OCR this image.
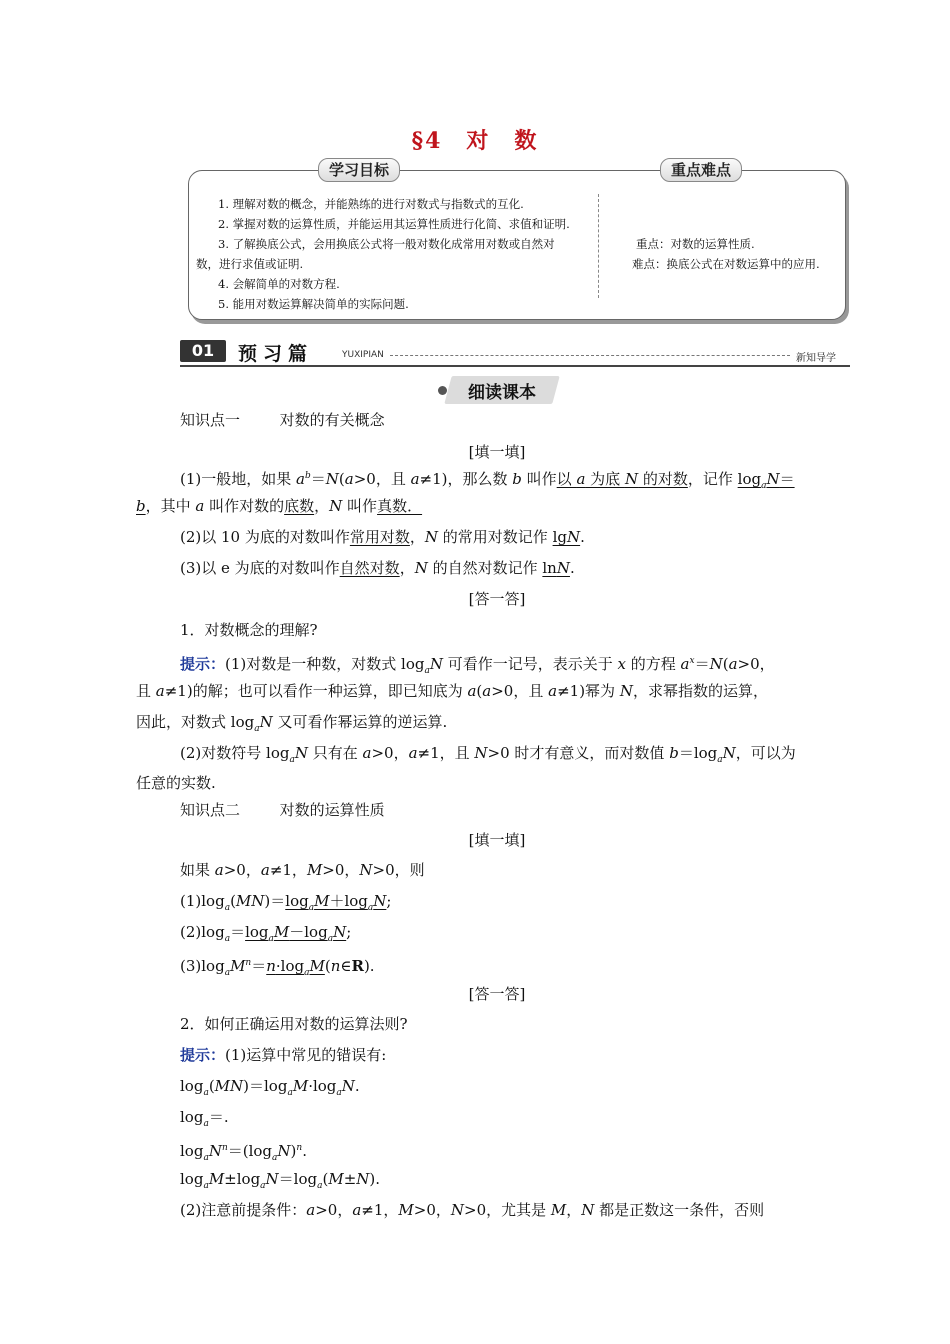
§4　对　数
学习目标	重点难点
1. 理解对数的概念，并能熟练的进行对数式与指数式的互化.
2. 掌握对数的运算性质，并能运用其运算性质进行化简、求值和证明.
3. 了解换底公式，会用换底公式将一般对数化成常用对数或自然对
数，进行求值或证明.
4. 会解简单的对数方程.
5. 能用对数运算解决简单的实际问题.
重点：对数的运算性质.
难点：换底公式在对数运算中的应用.
01	预习篇	YUXIPIAN	新知导学
细读课本
知识点一	对数的有关概念
[填一填]
(1)一般地，如果 $a^b=N(a>0$，且 a≠1)，那么数 b 叫作以 a 为底 N 的对数，记作 $\log_aN=$
b，其中 a 叫作对数的底数，N 叫作真数．
(2)以 10 为底的对数叫作常用对数，N 的常用对数记作 lgN.
(3)以 e 为底的对数叫作自然对数，N 的自然对数记作 lnN.
[答一答]
1．对数概念的理解?
提示：(1)对数是一种数，对数式 $\log_aN$ 可看作一记号，表示关于 x 的方程 $a^x=N(a>0$，
且 a≠1)的解；也可以看作一种运算，即已知底为 a(a>0，且 a≠1)幂为 N，求幂指数的运算，
因此，对数式 $\log_aN$ 又可看作幂运算的逆运算.
(2)对数符号 $\log_aN$ 只有在 a>0，a≠1，且 N>0 时才有意义，而对数值 $b=\log_aN$，可以为
任意的实数.
知识点二	对数的运算性质
[填一填]
如果 a>0，a≠1，M>0，N>0，则
$(1)\log_a(MN)=\log_aM+\log_aN$;
$(2)\log_a=\log_aM-\log_aN$;
$(3)\log_aM^n=n\cdot\log_aM(n\in R)$.
[答一答]
2．如何正确运用对数的运算法则?
提示：(1)运算中常见的错误有:
$\log_a(MN)=\log_aM\cdot\log_aN$.
$\log_a=$.
$\log_aN^n=(\log_aN)^n$.
$\log_aM\pm\log_aN=\log_a(M\pm N)$.
(2)注意前提条件：a>0，a≠1，M>0，N>0，尤其是 M，N 都是正数这一条件，否则
